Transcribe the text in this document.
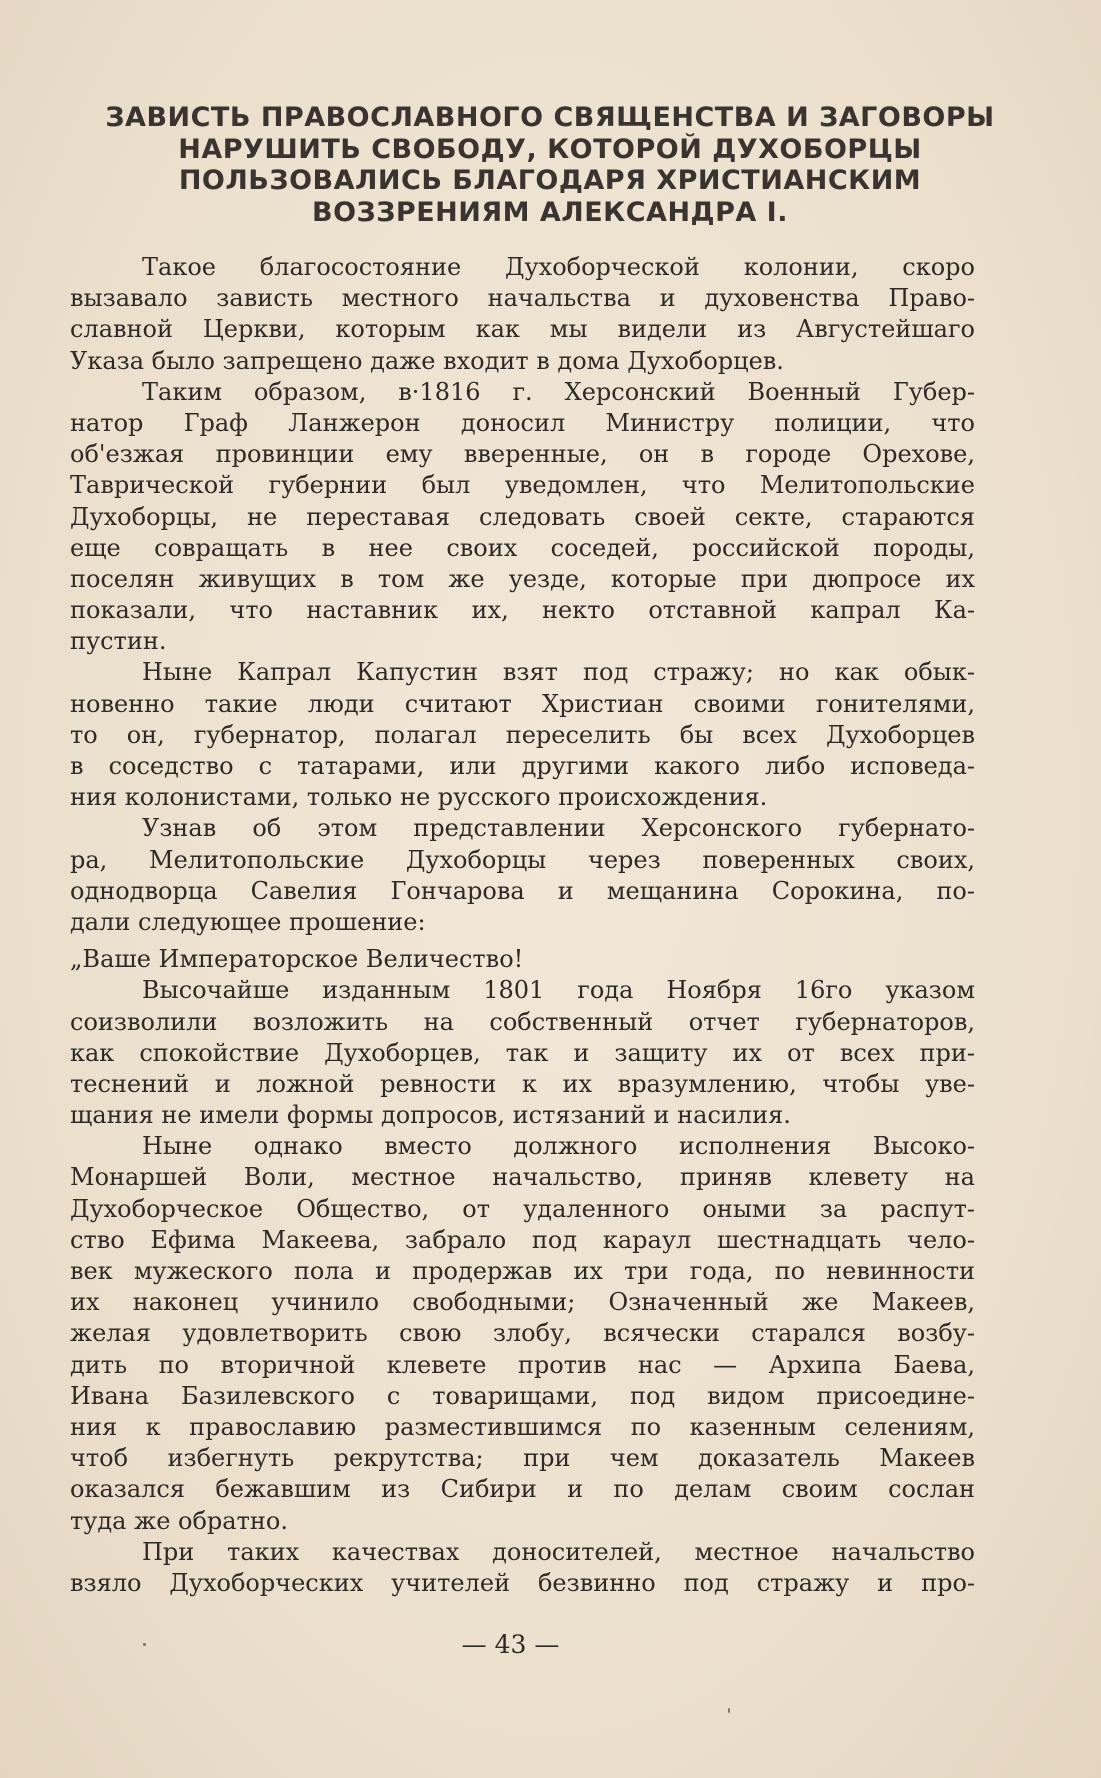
ЗАВИСТЬ ПРАВОСЛАВНОГО СВЯЩЕНСТВА И ЗАГОВОРЫ
НАРУШИТЬ СВОБОДУ, КОТОРОЙ ДУХОБОРЦЫ
ПОЛЬЗОВАЛИСЬ БЛАГОДАРЯ ХРИСТИАНСКИМ
ВОЗЗРЕНИЯМ АЛЕКСАНДРА I.
Такое благосостояние Духоборческой колонии, скоро
вызавало зависть местного начальства и духовенства Право-
славной Церкви, которым как мы видели из Августейшаго
Указа было запрещено даже входит в дома Духоборцев.
Таким образом, в·1816 г. Херсонский Военный Губер-
натор Граф Ланжерон доносил Министру полиции, что
об'езжая провинции ему вверенные, он в городе Орехове,
Таврической губернии был уведомлен, что Мелитопольские
Духоборцы, не переставая следовать своей секте, стараются
еще совращать в нее своих соседей, российской породы,
поселян живущих в том же уезде, которые при дюпросе их
показали, что наставник их, некто отставной капрал Ка-
пустин.
Ныне Капрал Капустин взят под стражу; но как обык-
новенно такие люди считают Христиан своими гонителями,
то он, губернатор, полагал переселить бы всех Духоборцев
в соседство с татарами, или другими какого либо исповеда-
ния колонистами, только не русского происхождения.
Узнав об этом представлении Херсонского губернато-
ра, Мелитопольские Духоборцы через поверенных своих,
однодворца Савелия Гончарова и мещанина Сорокина, по-
дали следующее прошение:
„Ваше Императорское Величество!
Высочайше изданным 1801 года Ноября 16го указом
соизволили возложить на собственный отчет губернаторов,
как спокойствие Духоборцев, так и защиту их от всех при-
теснений и ложной ревности к их вразумлению, чтобы уве-
щания не имели формы допросов, истязаний и насилия.
Ныне однако вместо должного исполнения Высоко-
Монаршей Воли, местное начальство, приняв клевету на
Духоборческое Общество, от удаленного оными за распут-
ство Ефима Макеева, забрало под караул шестнадцать чело-
век мужеского пола и продержав их три года, по невинности
их наконец учинило свободными; Означенный же Макеев,
желая удовлетворить свою злобу, всячески старался возбу-
дить по вторичной клевете против нас — Архипа Баева,
Ивана Базилевского с товарищами, под видом присоедине-
ния к православию разместившимся по казенным селениям,
чтоб избегнуть рекрутства; при чем доказатель Макеев
оказался бежавшим из Сибири и по делам своим сослан
туда же обратно.
При таких качествах доносителей, местное начальство
взяло Духоборческих учителей безвинно под стражу и про-
— 43 —
